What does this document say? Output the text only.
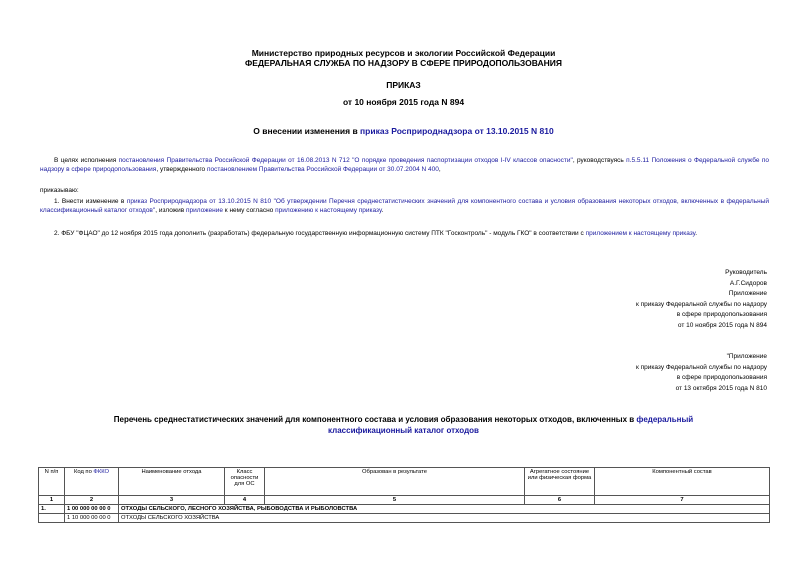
Министерство природных ресурсов и экологии Российской Федерации
ФЕДЕРАЛЬНАЯ СЛУЖБА ПО НАДЗОРУ В СФЕРЕ ПРИРОДОПОЛЬЗОВАНИЯ
ПРИКАЗ
от 10 ноября 2015 года N 894
О внесении изменения в приказ Росприроднадзора от 13.10.2015 N 810
В целях исполнения постановления Правительства Российской Федерации от 16.08.2013 N 712 "О порядке проведения паспортизации отходов I-IV классов опасности", руководствуясь п.5.5.11 Положения о Федеральной службе по надзору в сфере природопользования, утвержденного постановлением Правительства Российской Федерации от 30.07.2004 N 400,
приказываю:
1. Внести изменение в приказ Росприроднадзора от 13.10.2015 N 810 "Об утверждении Перечня среднестатистических значений для компонентного состава и условия образования некоторых отходов, включенных в федеральный классификационный каталог отходов", изложив приложение к нему согласно приложению к настоящему приказу.
2. ФБУ "ФЦАО" до 12 ноября 2015 года дополнить (разработать) федеральную государственную информационную систему ПТК "Госконтроль" - модуль ГКО" в соответствии с приложением к настоящему приказу.
Руководитель
А.Г.Сидоров
Приложение
к приказу Федеральной службы по надзору
в сфере природопользования
от 10 ноября 2015 года N 894
"Приложение
к приказу Федеральной службы по надзору
в сфере природопользования
от 13 октября 2015 года N 810
Перечень среднестатистических значений для компонентного состава и условия образования некоторых отходов, включенных в федеральный классификационный каталог отходов
N п/п	Код по ФККО	Наименование отхода	Класс опасности для ОС	Образован в результате	Агрегатное состояние или физическая форма	Компонентный состав
1	2	3	4	5	6	7
1.	1 00 000 00 00 0	ОТХОДЫ СЕЛЬСКОГО, ЛЕСНОГО ХОЗЯЙСТВА, РЫБОВОДСТВА И РЫБОЛОВСТВА				
	1 10 000 00 00 0	ОТХОДЫ СЕЛЬСКОГО ХОЗЯЙСТВА				
